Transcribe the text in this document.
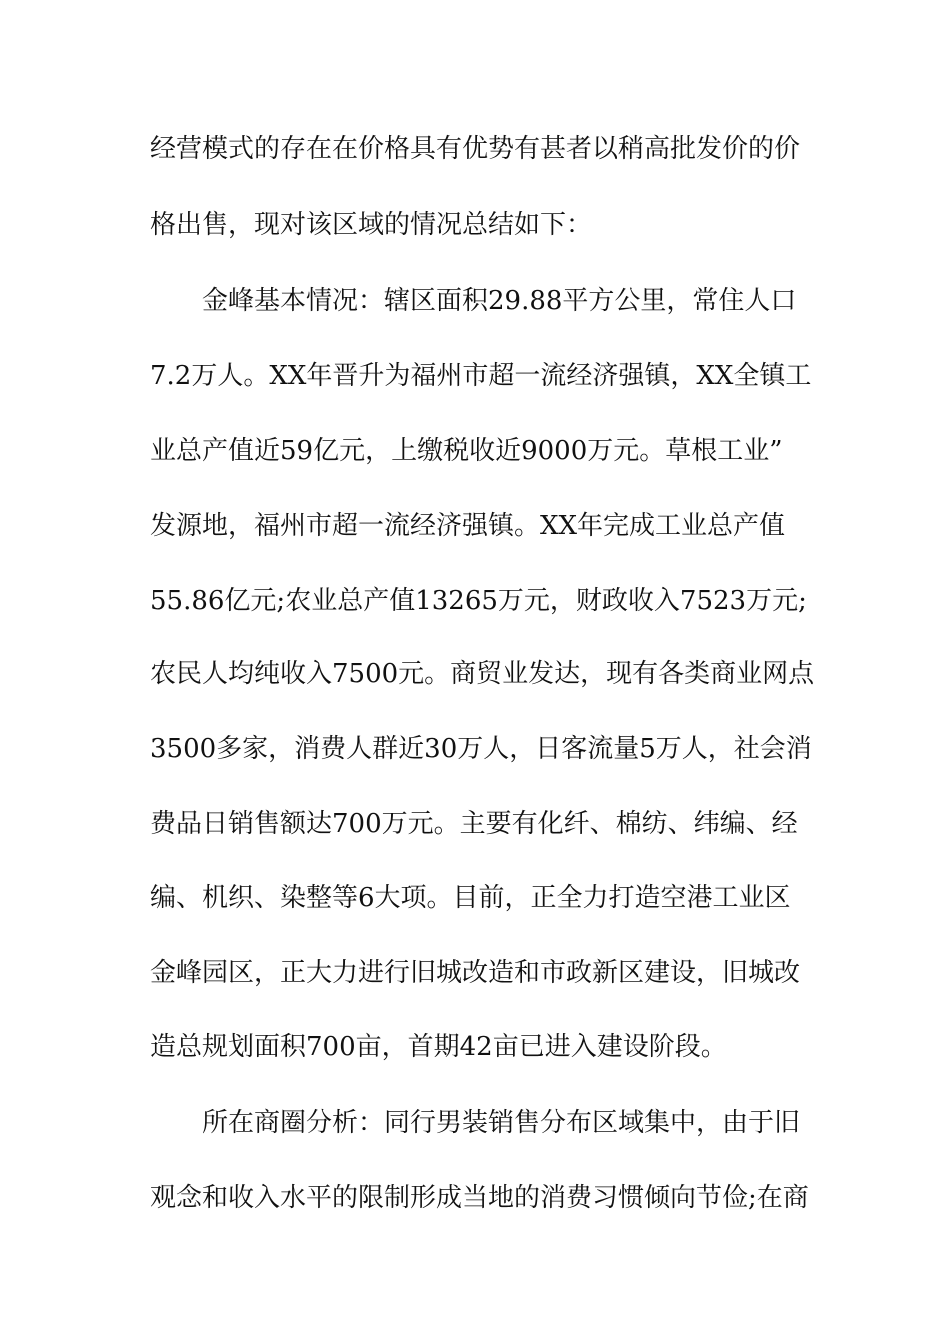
经营模式的存在在价格具有优势有甚者以稍高批发价的价
格出售，现对该区域的情况总结如下：
金峰基本情况：辖区面积29.88平方公里，常住人口
7.2万人。XX年晋升为福州市超一流经济强镇，XX全镇工
业总产值近59亿元，上缴税收近9000万元。草根工业”
发源地，福州市超一流经济强镇。XX年完成工业总产值
55.86亿元;农业总产值13265万元，财政收入7523万元;
农民人均纯收入7500元。商贸业发达，现有各类商业网点
3500多家，消费人群近30万人，日客流量5万人，社会消
费品日销售额达700万元。主要有化纤、棉纺、纬编、经
编、机织、染整等6大项。目前，正全力打造空港工业区
金峰园区，正大力进行旧城改造和市政新区建设，旧城改
造总规划面积700亩，首期42亩已进入建设阶段。
所在商圈分析：同行男装销售分布区域集中，由于旧
观念和收入水平的限制形成当地的消费习惯倾向节俭;在商
